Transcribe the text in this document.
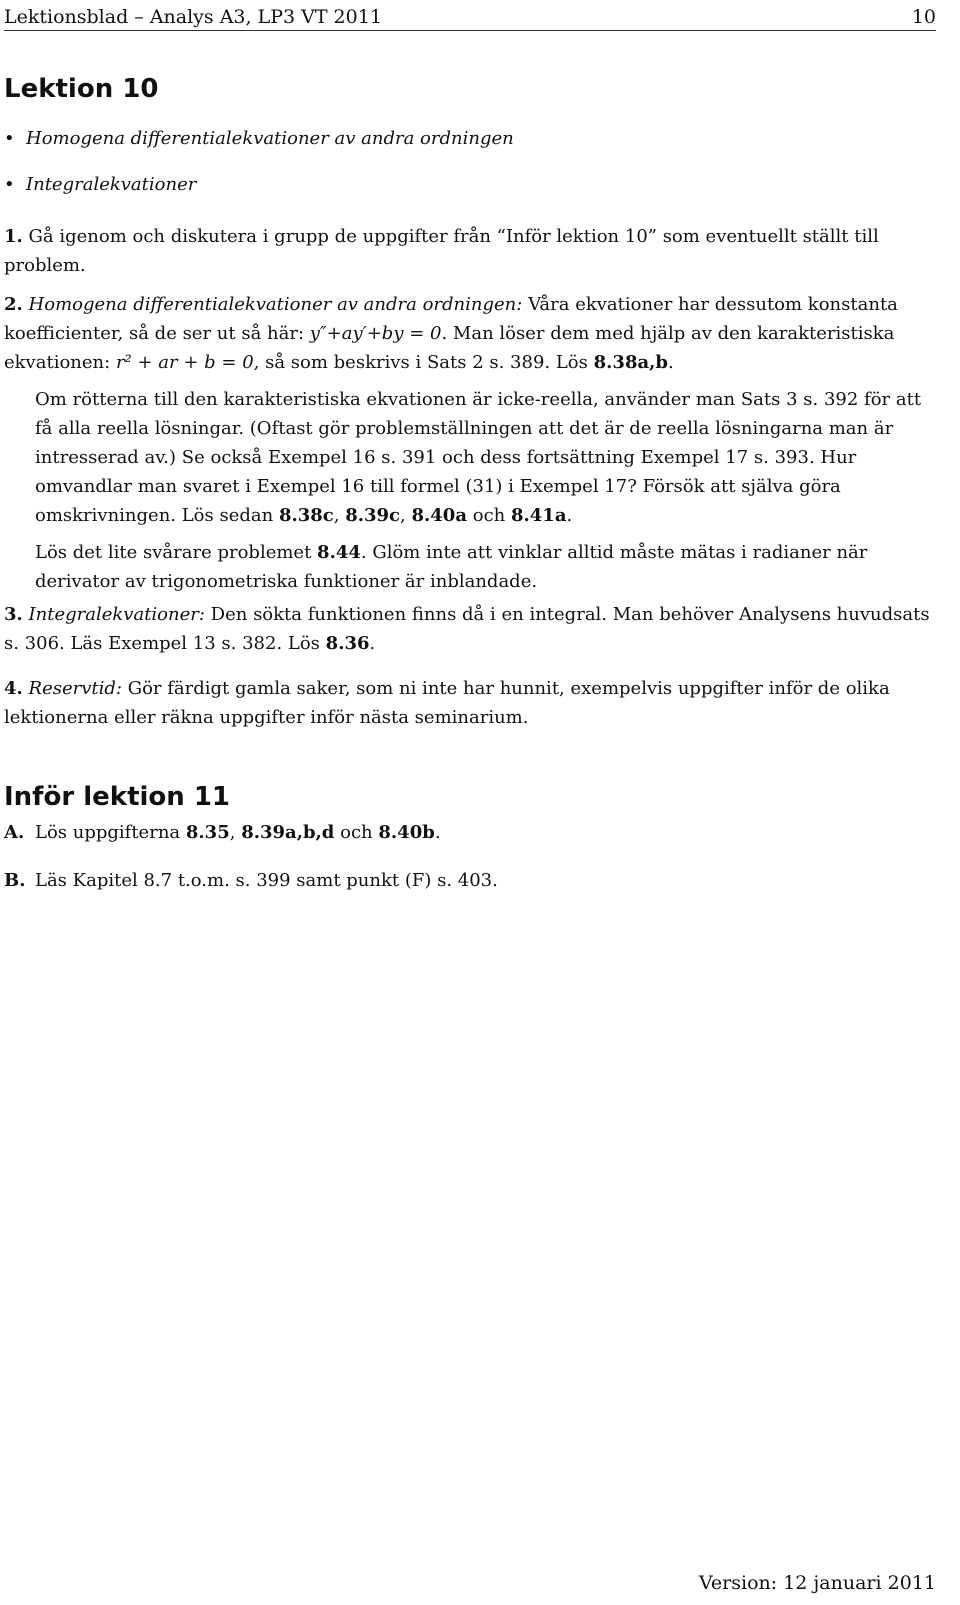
Lektionsblad – Analys A3, LP3 VT 2011	10
Lektion 10
•
Homogena differentialekvationer av andra ordningen
•
Integralekvationer

1. Gå igenom och diskutera i grupp de uppgifter från “Inför lektion 10” som eventuellt ställt till problem.

2. Homogena differentialekvationer av andra ordningen: Våra ekvationer har dessutom konstanta koefficienter, så de ser ut så här: y″+ay′+by = 0. Man löser dem med hjälp av den karakteristiska ekvationen: r² + ar + b = 0, så som beskrivs i Sats 2 s. 389. Lös 8.38a,b.

Om rötterna till den karakteristiska ekvationen är icke-reella, använder man Sats 3 s. 392 för att få alla reella lösningar. (Oftast gör problemställningen att det är de reella lösningarna man är intresserad av.) Se också Exempel 16 s. 391 och dess fortsättning Exempel 17 s. 393. Hur omvandlar man svaret i Exempel 16 till formel (31) i Exempel 17? Försök att själva göra omskrivningen. Lös sedan 8.38c, 8.39c, 8.40a och 8.41a.

Lös det lite svårare problemet 8.44. Glöm inte att vinklar alltid måste mätas i radianer när derivator av trigonometriska funktioner är inblandade.

3. Integralekvationer: Den sökta funktionen finns då i en integral. Man behöver Analysens huvudsats s. 306. Läs Exempel 13 s. 382. Lös 8.36.

4. Reservtid: Gör färdigt gamla saker, som ni inte har hunnit, exempelvis uppgifter inför de olika lektionerna eller räkna uppgifter inför nästa seminarium.

Inför lektion 11
A. Lös uppgifterna 8.35, 8.39a,b,d och 8.40b.
B. Läs Kapitel 8.7 t.o.m. s. 399 samt punkt (F) s. 403.
Version: 12 januari 2011
